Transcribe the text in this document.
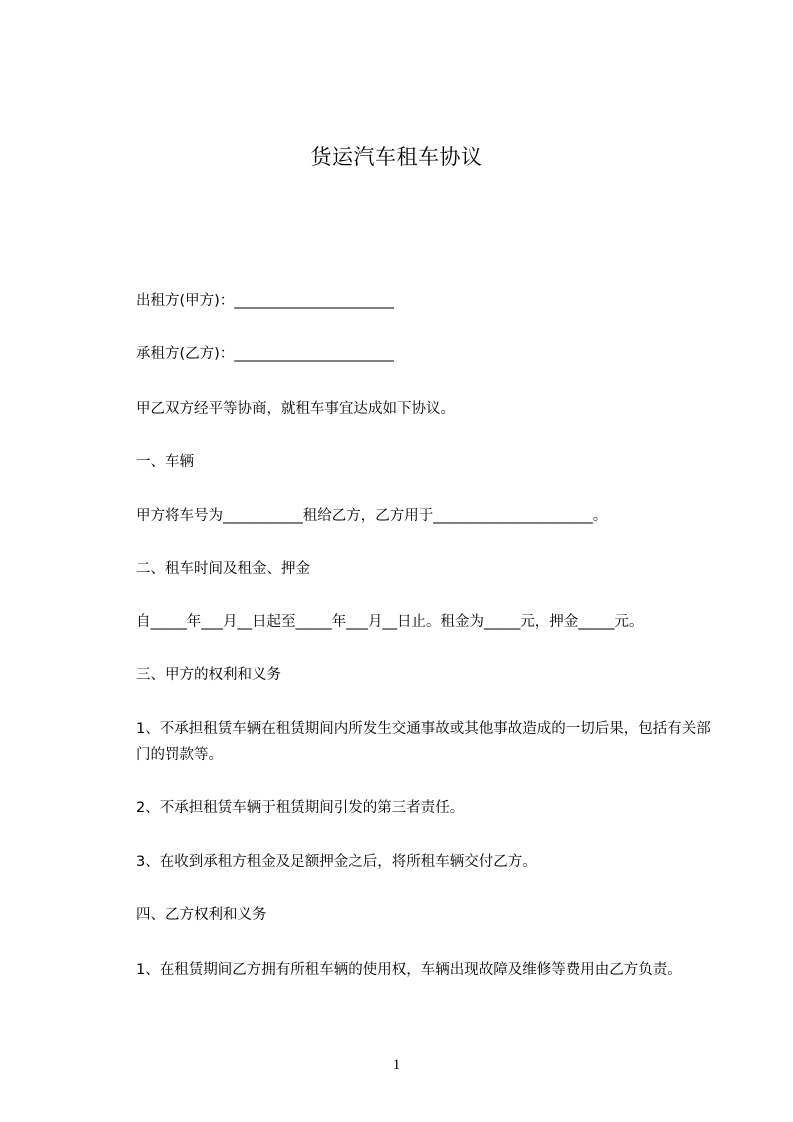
货运汽车租车协议
出租方(甲方)：______________________
承租方(乙方)：______________________
甲乙双方经平等协商，就租车事宜达成如下协议。
一、车辆
甲方将车号为___________租给乙方，乙方用于______________________。
二、租车时间及租金、押金
自_____年___月__日起至_____年___月__日止。租金为_____元，押金_____元。
三、甲方的权利和义务
1、不承担租赁车辆在租赁期间内所发生交通事故或其他事故造成的一切后果，包括有关部门的罚款等。
2、不承担租赁车辆于租赁期间引发的第三者责任。
3、在收到承租方租金及足额押金之后，将所租车辆交付乙方。
四、乙方权利和义务
1、在租赁期间乙方拥有所租车辆的使用权，车辆出现故障及维修等费用由乙方负责。
1
